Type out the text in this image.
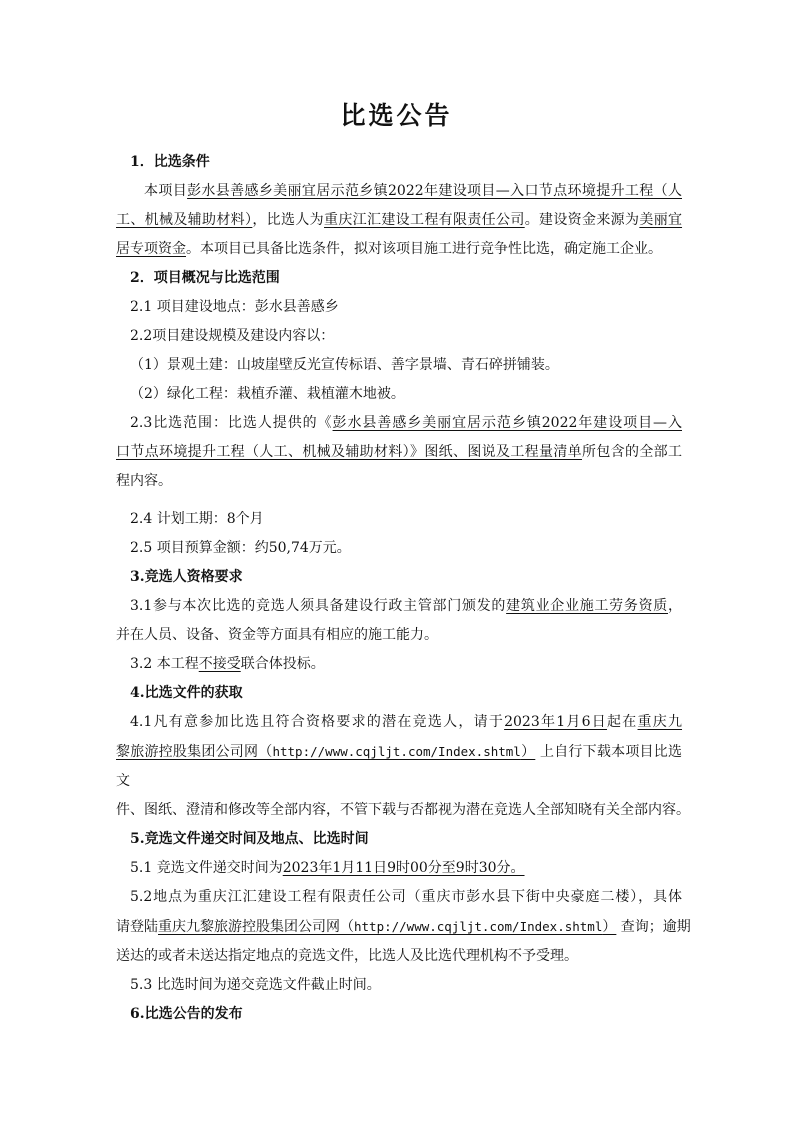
比选公告

1．比选条件

本项目彭水县善感乡美丽宜居示范乡镇2022年建设项目—入口节点环境提升工程（人

工、机械及辅助材料），比选人为重庆江汇建设工程有限责任公司。建设资金来源为美丽宜

居专项资金。本项目已具备比选条件，拟对该项目施工进行竞争性比选，确定施工企业。

2．项目概况与比选范围

2.1 项目建设地点：彭水县善感乡

2.2项目建设规模及建设内容以：

（1）景观土建：山坡崖壁反光宣传标语、善字景墙、青石碎拼铺装。

（2）绿化工程：栽植乔灌、栽植灌木地被。

2.3比选范围：比选人提供的《彭水县善感乡美丽宜居示范乡镇2022年建设项目—入

口节点环境提升工程（人工、机械及辅助材料）》图纸、图说及工程量清单所包含的全部工

程内容。

2.4 计划工期：8个月

2.5 项目预算金额：约50,74万元。

3.竞选人资格要求

3.1参与本次比选的竞选人须具备建设行政主管部门颁发的建筑业企业施工劳务资质，

并在人员、设备、资金等方面具有相应的施工能力。

3.2 本工程不接受联合体投标。

4.比选文件的获取

4.1凡有意参加比选且符合资格要求的潜在竞选人，请于2023年1月6日起在重庆九

黎旅游控股集团公司网（http://www.cqjljt.com/Index.shtml） 上自行下载本项目比选文

件、图纸、澄清和修改等全部内容，不管下载与否都视为潜在竞选人全部知晓有关全部内容。

5.竞选文件递交时间及地点、比选时间

5.1 竞选文件递交时间为2023年1月11日9时00分至9时30分。

5.2地点为重庆江汇建设工程有限责任公司（重庆市彭水县下街中央豪庭二楼），具体

请登陆重庆九黎旅游控股集团公司网（http://www.cqjljt.com/Index.shtml） 查询；逾期

送达的或者未送达指定地点的竞选文件，比选人及比选代理机构不予受理。

5.3 比选时间为递交竞选文件截止时间。

6.比选公告的发布
